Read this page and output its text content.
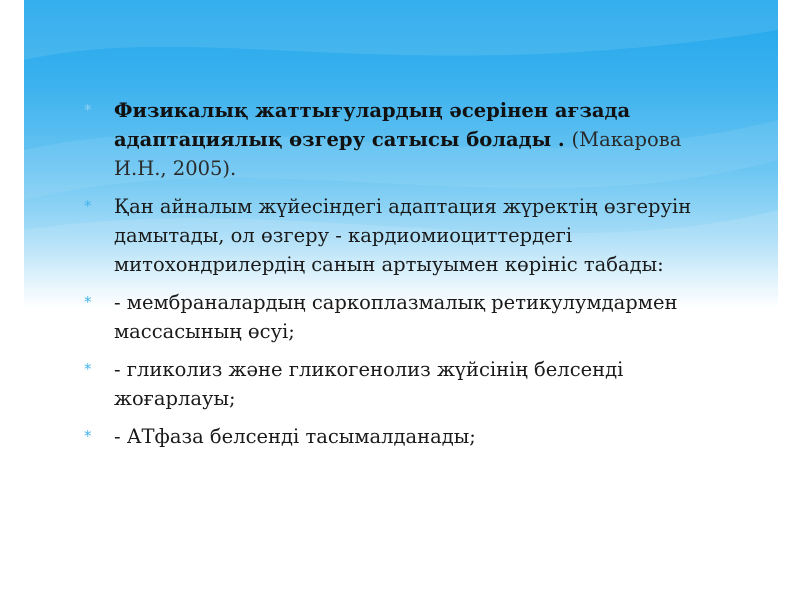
*	Физикалық жаттығулардың әсерінен ағзада адаптациялық өзгеру сатысы болады . (Макарова И.Н., 2005).
*	Қан айналым жүйесіндегі адаптация жүректің өзгеруін дамытады, ол өзгеру - кардиомиоциттердегі митохондрилердің санын артыуымен көрініс табады:
*	- мембраналардың саркоплазмалық ретикулумдармен массасының өсуі;
*	- гликолиз және гликогенолиз жүйсінің белсенді жоғарлауы;
*	- АТфаза белсенді тасымалданады;
